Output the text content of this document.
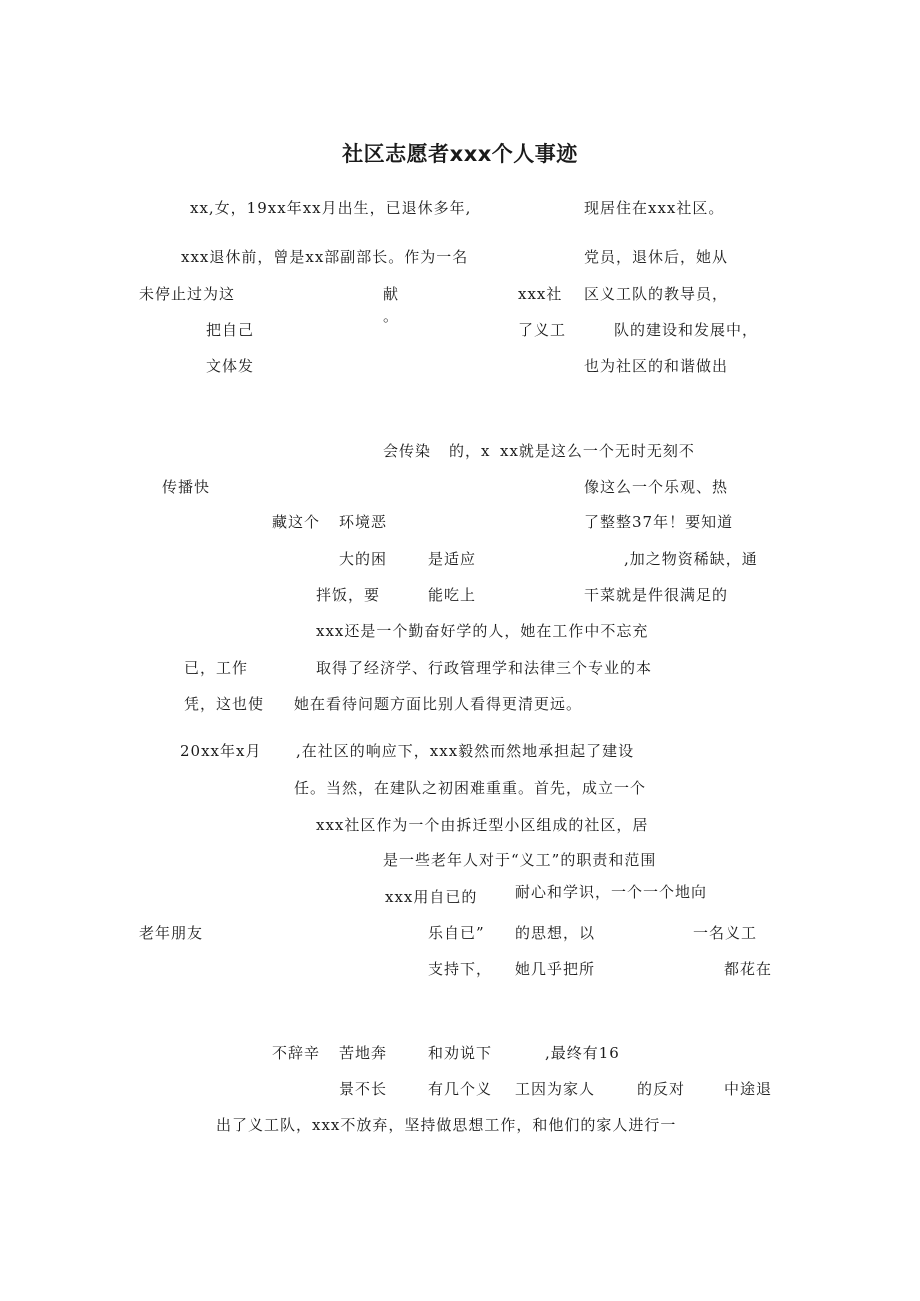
社区志愿者xxx个人事迹
xx,女，19xx年xx月出生，已退休多年,	现居住在xxx社区。
xxx退休前，曾是xx部副部长。作为一名	党员，退休后，她从
未停止过为这	献	xxx社 区义工队的教导员，
把自己
。
了义工	队的建设和发展中，
文体发	也为社区的和谐做出
会传染 的，x xx就是这么一个无时无刻不
传播快	像这么一个乐观、热
藏这个 环境恶	了整整37年！要知道
大的困	是适应	,加之物资稀缺，通
拌饭，要	能吃上	干菜就是件很满足的
xxx还是一个勤奋好学的人，她在工作中不忘充
已，工作	取得了经济学、行政管理学和法律三个专业的本
凭，这也使 她在看待问题方面比别人看得更清更远。
20xx年x月 ,在社区的响应下，xxx毅然而然地承担起了建设
任。当然，在建队之初困难重重。首先，成立一个
xxx社区作为一个由拆迁型小区组成的社区，居
是一些老年人对于“义工”的职责和范围
xxx用自已的	耐心和学识，一个一个地向
老年朋友	乐自已” 的思想，以	一名义工
支持下， 她几乎把所	都花在
不辞辛 苦地奔	和劝说下	,最终有16
景不长	有几个义 工因为家人	的反对	中途退
出了义工队，xxx不放弃，坚持做思想工作，和他们的家人进行一
